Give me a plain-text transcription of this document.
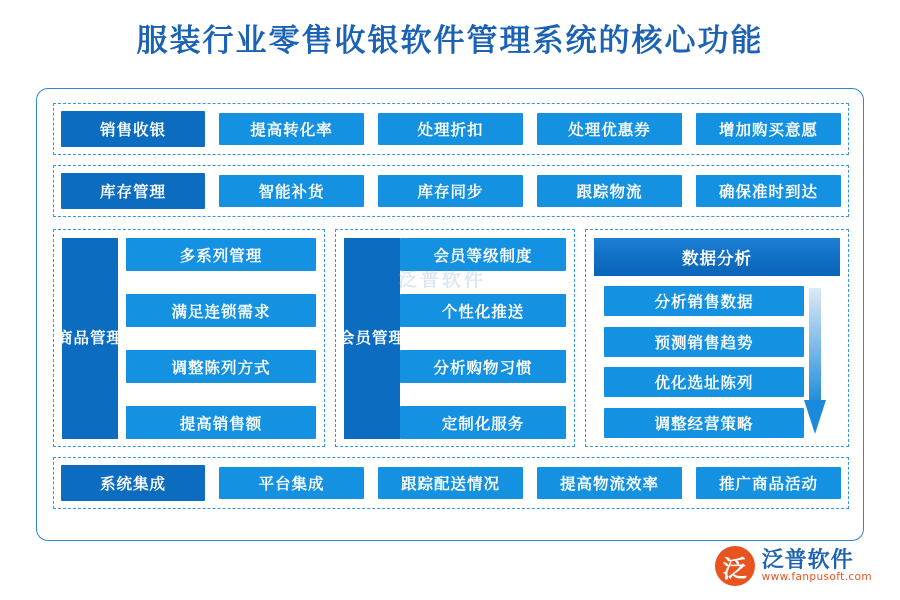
服装行业零售收银软件管理系统的核心功能
销售收银	提高转化率	处理折扣	处理优惠券	增加购买意愿
库存管理	智能补货	库存同步	跟踪物流	确保准时到达
商品管理
多系列管理
满足连锁需求
调整陈列方式
提高销售额
会员管理
会员等级制度
个性化推送
分析购物习惯
定制化服务
数据分析
分析销售数据
预测销售趋势
优化选址陈列
调整经营策略
系统集成	平台集成	跟踪配送情况	提高物流效率	推广商品活动
泛普软件
泛 泛普软件
www.fanpusoft.com
